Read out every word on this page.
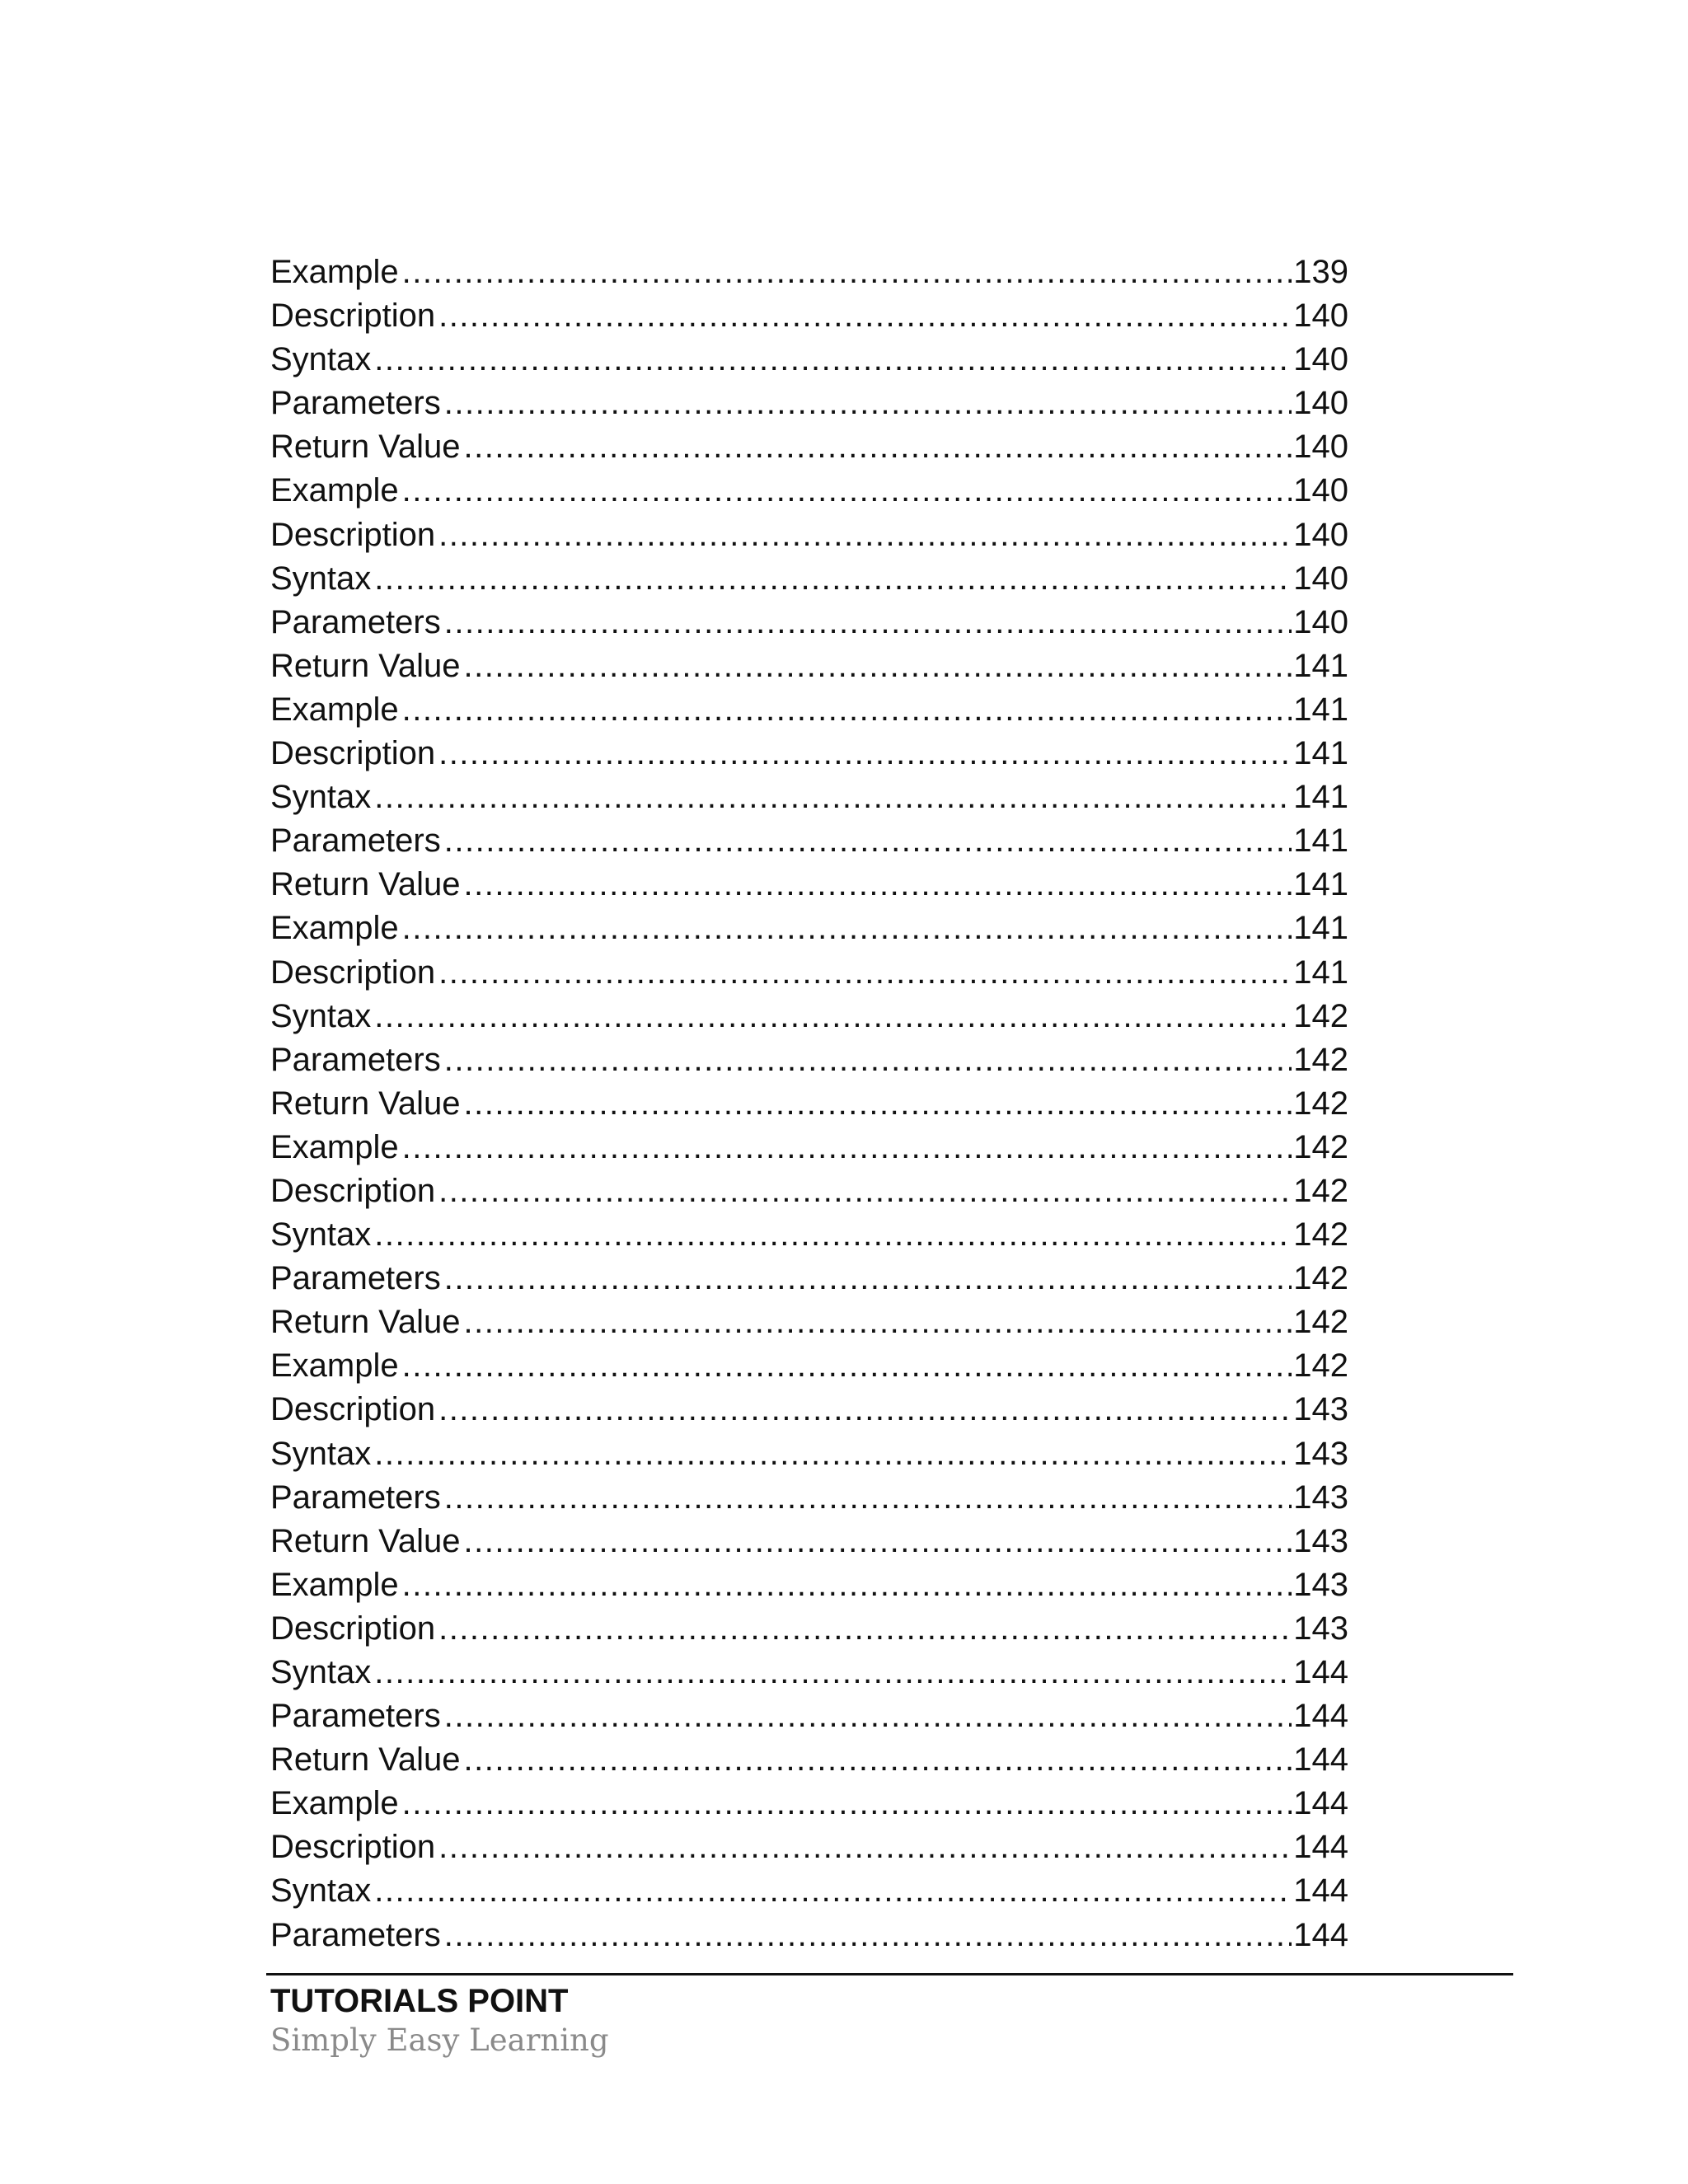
Example .....	139
Description .....	140
Syntax .....	140
Parameters .....	140
Return Value .....	140
Example .....	140
Description .....	140
Syntax .....	140
Parameters .....	140
Return Value .....	141
Example .....	141
Description .....	141
Syntax .....	141
Parameters .....	141
Return Value .....	141
Example .....	141
Description .....	141
Syntax .....	142
Parameters .....	142
Return Value .....	142
Example .....	142
Description .....	142
Syntax .....	142
Parameters .....	142
Return Value .....	142
Example .....	142
Description .....	143
Syntax .....	143
Parameters .....	143
Return Value .....	143
Example .....	143
Description .....	143
Syntax .....	144
Parameters .....	144
Return Value .....	144
Example .....	144
Description .....	144
Syntax .....	144
Parameters .....	144
TUTORIALS POINT
Simply Easy Learning
